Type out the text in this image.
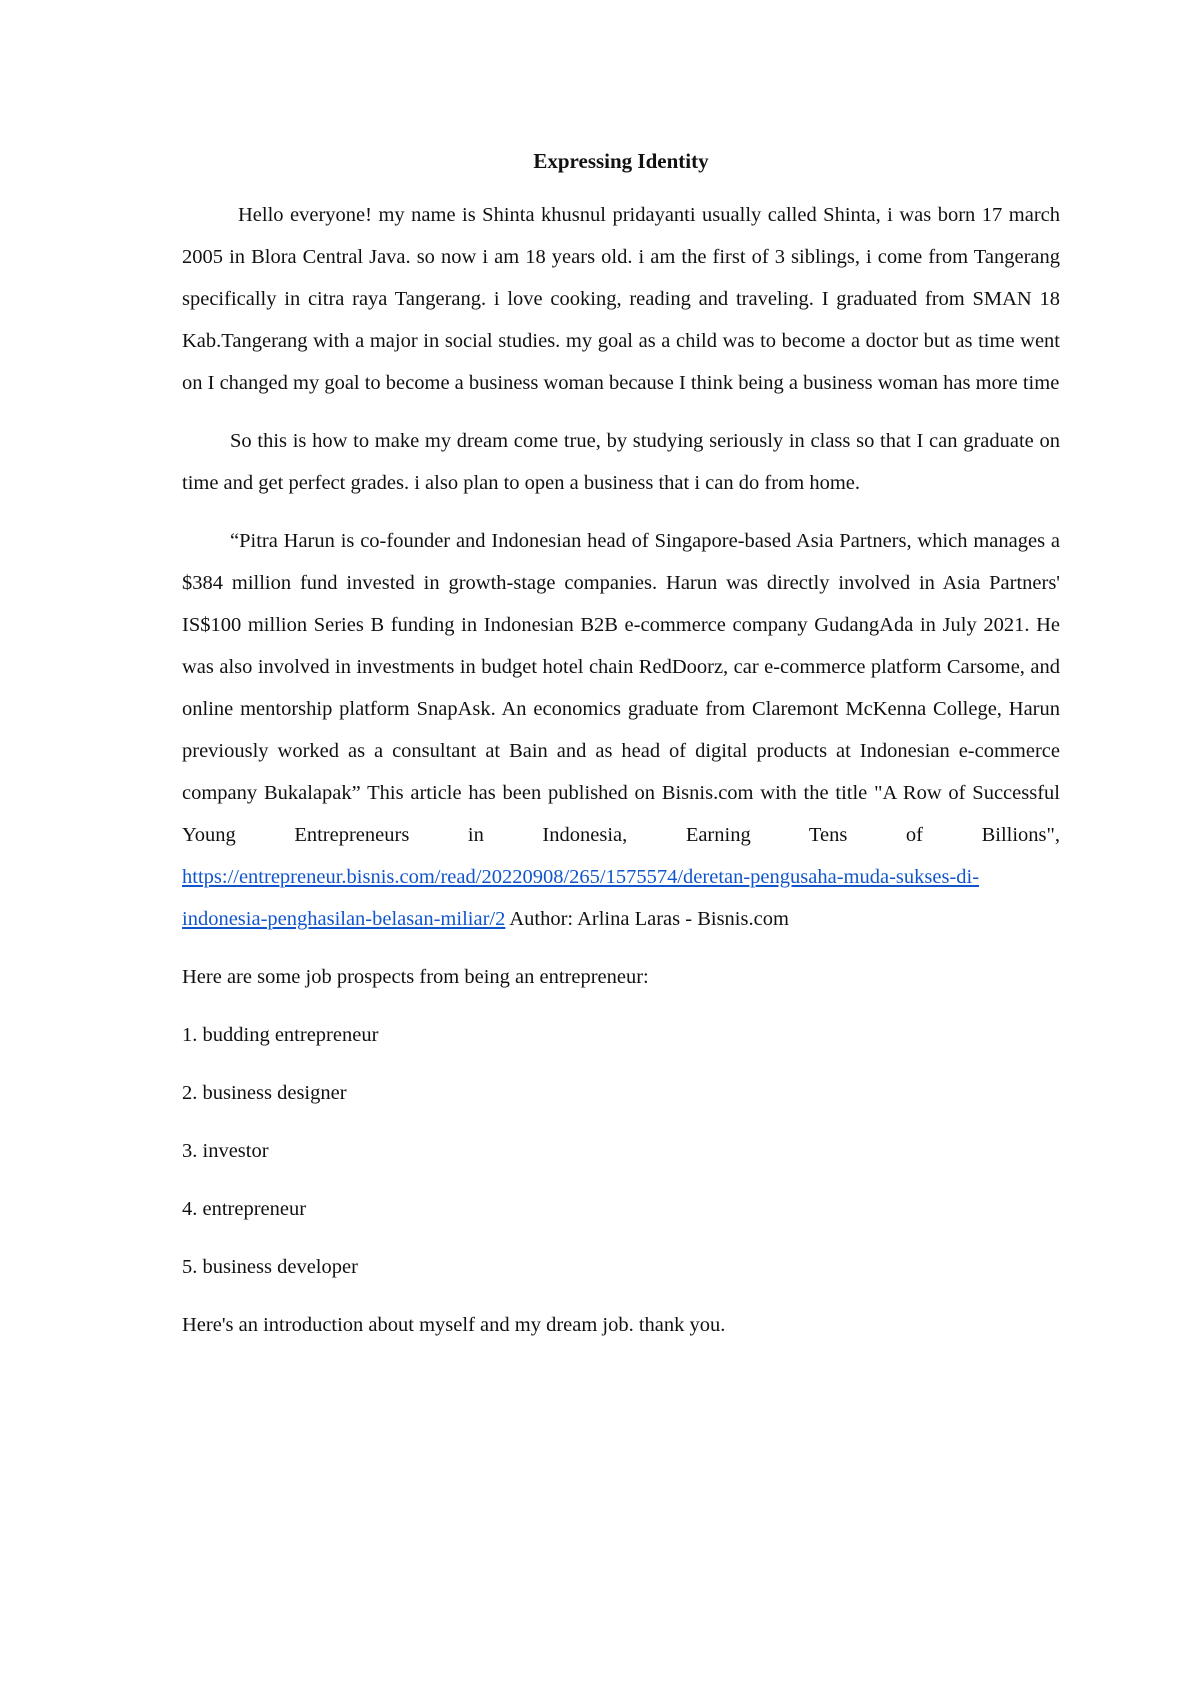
Expressing Identity

Hello everyone! my name is Shinta khusnul pridayanti usually called Shinta, i was born 17 march 2005 in Blora Central Java. so now i am 18 years old. i am the first of 3 siblings, i come from Tangerang specifically in citra raya Tangerang. i love cooking, reading and traveling. I graduated from SMAN 18 Kab.Tangerang with a major in social studies. my goal as a child was to become a doctor but as time went on I changed my goal to become a business woman because I think being a business woman has more time

So this is how to make my dream come true, by studying seriously in class so that I can graduate on time and get perfect grades. i also plan to open a business that i can do from home.

“Pitra Harun is co-founder and Indonesian head of Singapore-based Asia Partners, which manages a $384 million fund invested in growth-stage companies. Harun was directly involved in Asia Partners' IS$100 million Series B funding in Indonesian B2B e-commerce company GudangAda in July 2021. He was also involved in investments in budget hotel chain RedDoorz, car e-commerce platform Carsome, and online mentorship platform SnapAsk. An economics graduate from Claremont McKenna College, Harun previously worked as a consultant at Bain and as head of digital products at Indonesian e-commerce company Bukalapak” This article has been published on Bisnis.com with the title "A Row of Successful Young Entrepreneurs in Indonesia, Earning Tens of Billions", https://entrepreneur.bisnis.com/read/20220908/265/1575574/deretan-pengusaha-muda-sukses-di-indonesia-penghasilan-belasan-miliar/2 Author: Arlina Laras - Bisnis.com

Here are some job prospects from being an entrepreneur:

1. budding entrepreneur

2. business designer

3. investor

4. entrepreneur

5. business developer

Here's an introduction about myself and my dream job. thank you.
